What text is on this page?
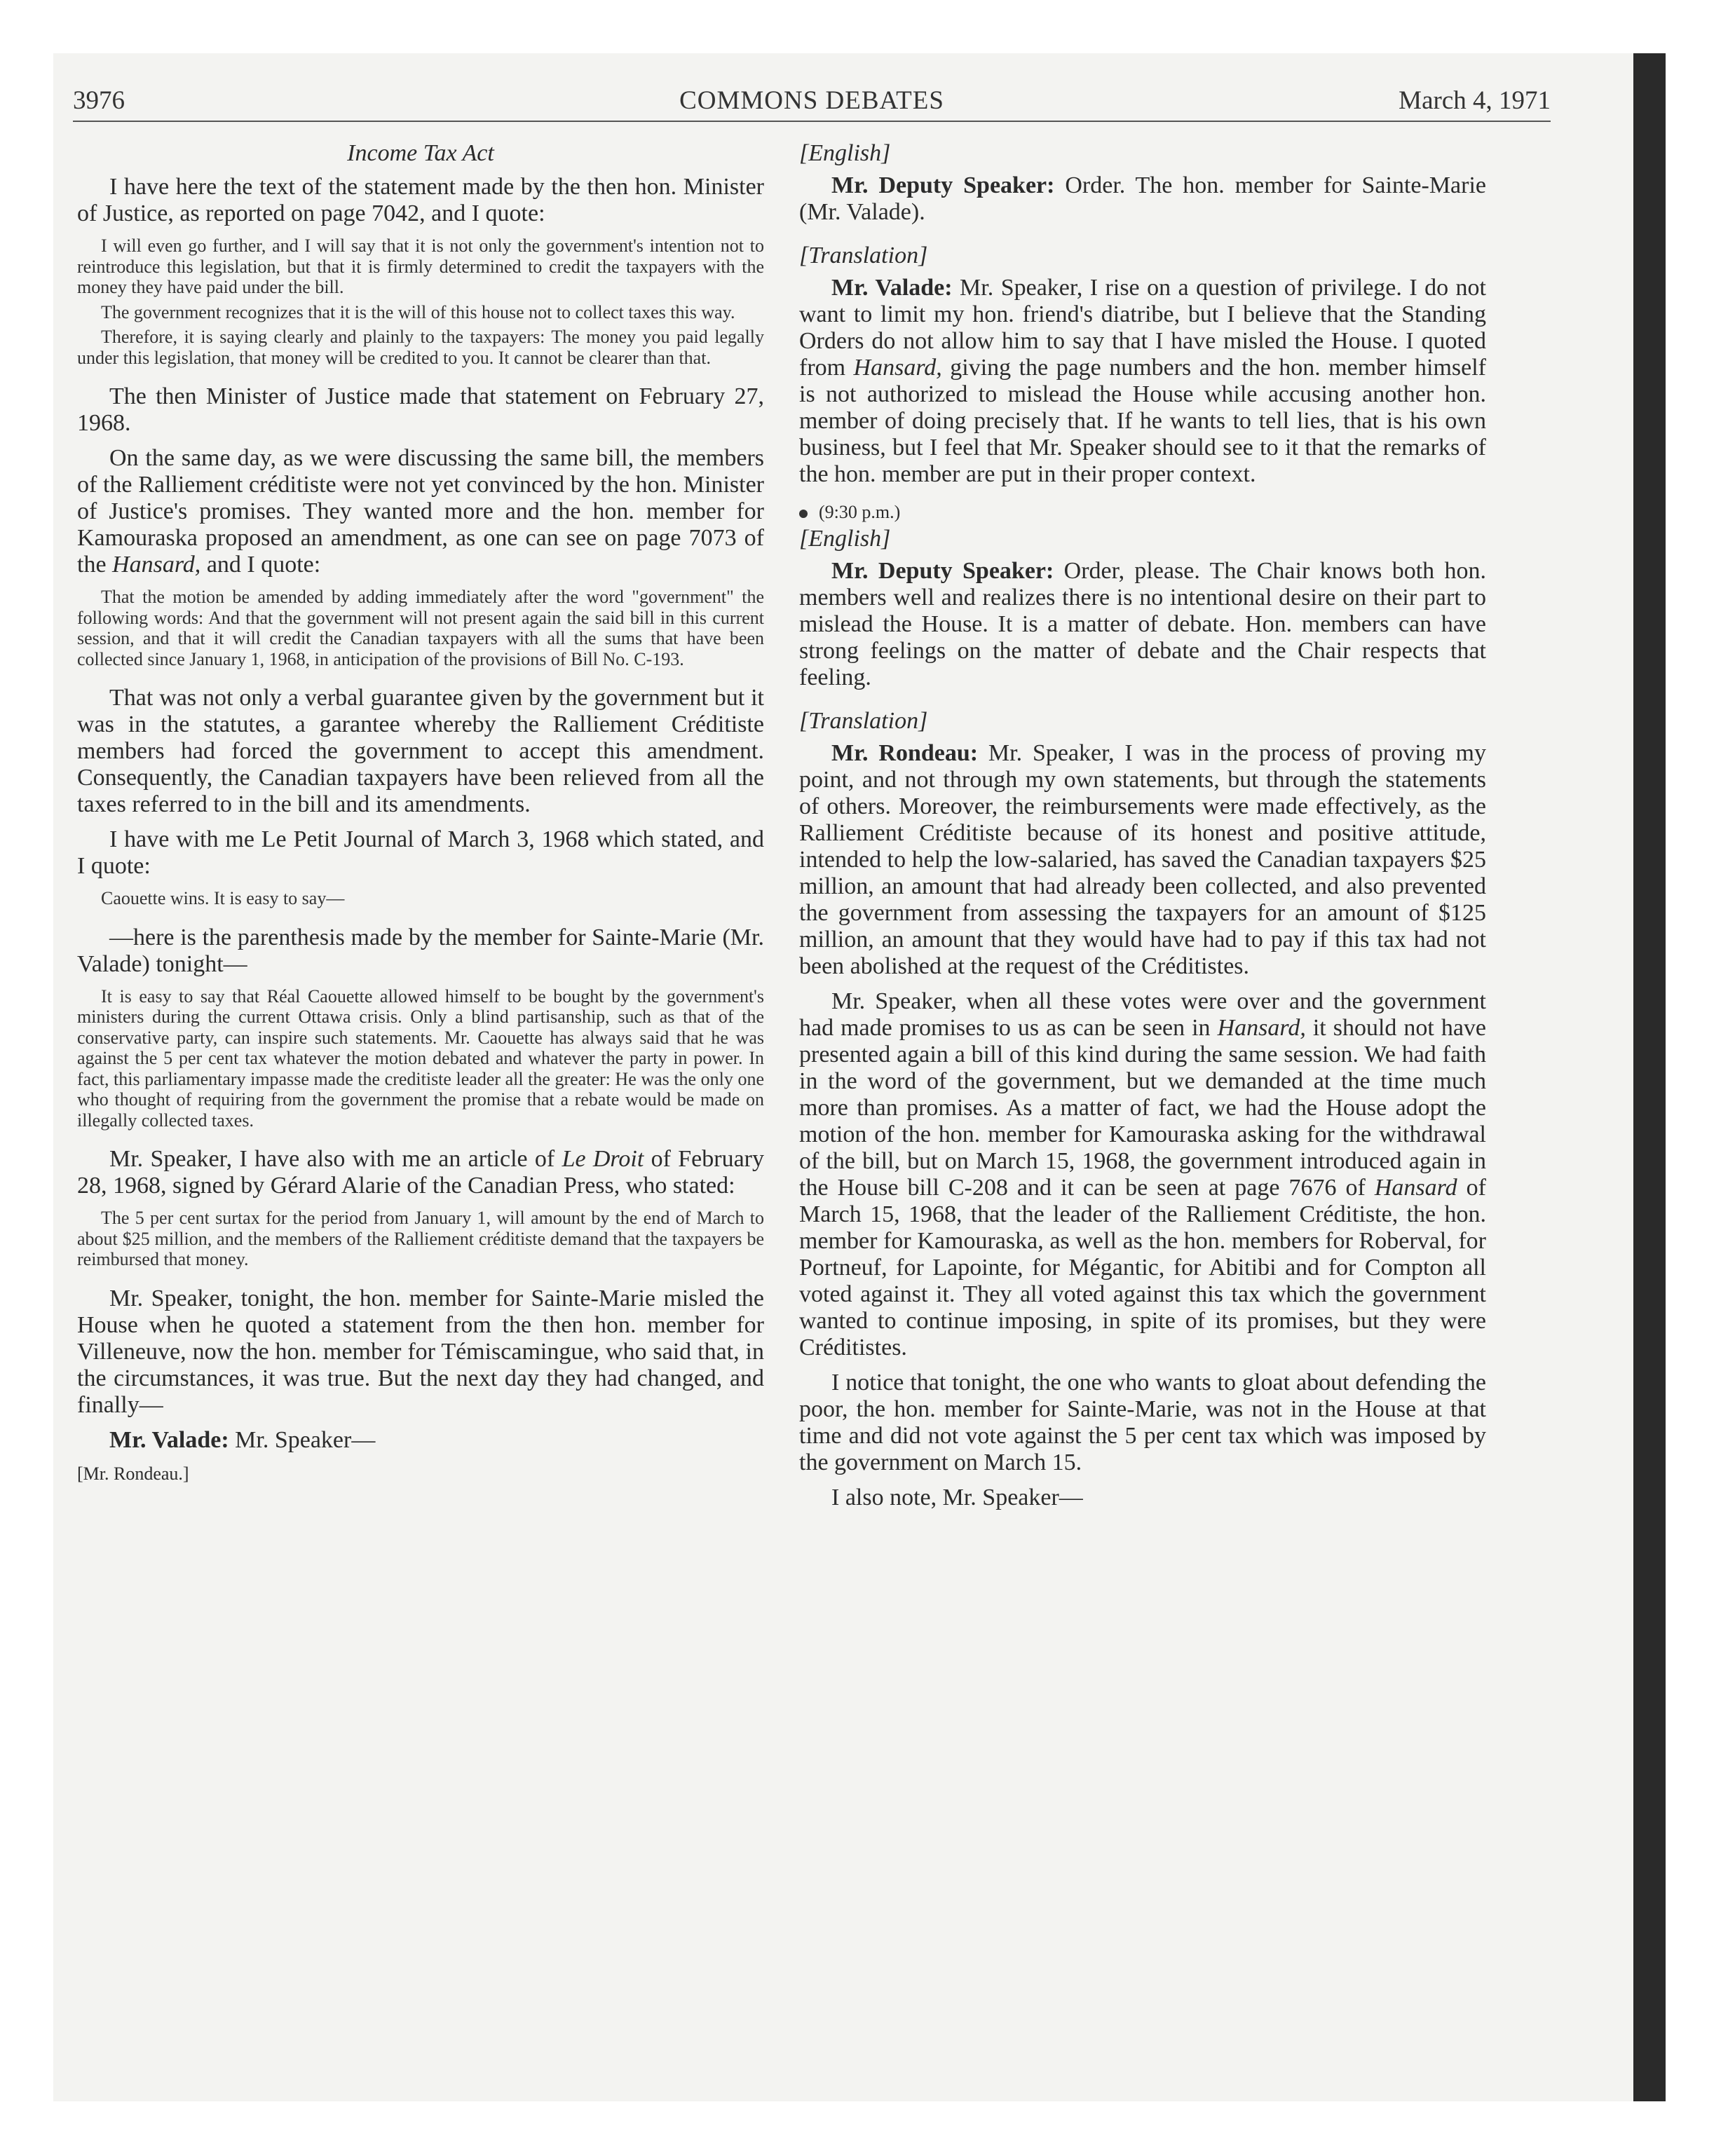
3976	COMMONS DEBATES	March 4, 1971

Income Tax Act

I have here the text of the statement made by the then hon. Minister of Justice, as reported on page 7042, and I quote:

I will even go further, and I will say that it is not only the government's intention not to reintroduce this legislation, but that it is firmly determined to credit the taxpayers with the money they have paid under the bill.

The government recognizes that it is the will of this house not to collect taxes this way.

Therefore, it is saying clearly and plainly to the taxpayers: The money you paid legally under this legislation, that money will be credited to you. It cannot be clearer than that.

The then Minister of Justice made that statement on February 27, 1968.

On the same day, as we were discussing the same bill, the members of the Ralliement créditiste were not yet convinced by the hon. Minister of Justice's promises. They wanted more and the hon. member for Kamouraska proposed an amendment, as one can see on page 7073 of the Hansard, and I quote:

That the motion be amended by adding immediately after the word "government" the following words: And that the government will not present again the said bill in this current session, and that it will credit the Canadian taxpayers with all the sums that have been collected since January 1, 1968, in anticipation of the provisions of Bill No. C-193.

That was not only a verbal guarantee given by the government but it was in the statutes, a garantee whereby the Ralliement Créditiste members had forced the government to accept this amendment. Consequently, the Canadian taxpayers have been relieved from all the taxes referred to in the bill and its amendments.

I have with me Le Petit Journal of March 3, 1968 which stated, and I quote:

Caouette wins. It is easy to say—

—here is the parenthesis made by the member for Sainte-Marie (Mr. Valade) tonight—

It is easy to say that Réal Caouette allowed himself to be bought by the government's ministers during the current Ottawa crisis. Only a blind partisanship, such as that of the conservative party, can inspire such statements. Mr. Caouette has always said that he was against the 5 per cent tax whatever the motion debated and whatever the party in power. In fact, this parliamentary impasse made the creditiste leader all the greater: He was the only one who thought of requiring from the government the promise that a rebate would be made on illegally collected taxes.

Mr. Speaker, I have also with me an article of Le Droit of February 28, 1968, signed by Gérard Alarie of the Canadian Press, who stated:

The 5 per cent surtax for the period from January 1, will amount by the end of March to about $25 million, and the members of the Ralliement créditiste demand that the taxpayers be reimbursed that money.

Mr. Speaker, tonight, the hon. member for Sainte-Marie misled the House when he quoted a statement from the then hon. member for Villeneuve, now the hon. member for Témiscamingue, who said that, in the circumstances, it was true. But the next day they had changed, and finally—

Mr. Valade: Mr. Speaker—

[Mr. Rondeau.]

[English]

Mr. Deputy Speaker: Order. The hon. member for Sainte-Marie (Mr. Valade).

[Translation]

Mr. Valade: Mr. Speaker, I rise on a question of privilege. I do not want to limit my hon. friend's diatribe, but I believe that the Standing Orders do not allow him to say that I have misled the House. I quoted from Hansard, giving the page numbers and the hon. member himself is not authorized to mislead the House while accusing another hon. member of doing precisely that. If he wants to tell lies, that is his own business, but I feel that Mr. Speaker should see to it that the remarks of the hon. member are put in their proper context.

(9:30 p.m.)

[English]

Mr. Deputy Speaker: Order, please. The Chair knows both hon. members well and realizes there is no intentional desire on their part to mislead the House. It is a matter of debate. Hon. members can have strong feelings on the matter of debate and the Chair respects that feeling.

[Translation]

Mr. Rondeau: Mr. Speaker, I was in the process of proving my point, and not through my own statements, but through the statements of others. Moreover, the reimbursements were made effectively, as the Ralliement Créditiste because of its honest and positive attitude, intended to help the low-salaried, has saved the Canadian taxpayers $25 million, an amount that had already been collected, and also prevented the government from assessing the taxpayers for an amount of $125 million, an amount that they would have had to pay if this tax had not been abolished at the request of the Créditistes.

Mr. Speaker, when all these votes were over and the government had made promises to us as can be seen in Hansard, it should not have presented again a bill of this kind during the same session. We had faith in the word of the government, but we demanded at the time much more than promises. As a matter of fact, we had the House adopt the motion of the hon. member for Kamouraska asking for the withdrawal of the bill, but on March 15, 1968, the government introduced again in the House bill C-208 and it can be seen at page 7676 of Hansard of March 15, 1968, that the leader of the Ralliement Créditiste, the hon. member for Kamouraska, as well as the hon. members for Roberval, for Portneuf, for Lapointe, for Mégantic, for Abitibi and for Compton all voted against it. They all voted against this tax which the government wanted to continue imposing, in spite of its promises, but they were Créditistes.

I notice that tonight, the one who wants to gloat about defending the poor, the hon. member for Sainte-Marie, was not in the House at that time and did not vote against the 5 per cent tax which was imposed by the government on March 15.

I also note, Mr. Speaker—
